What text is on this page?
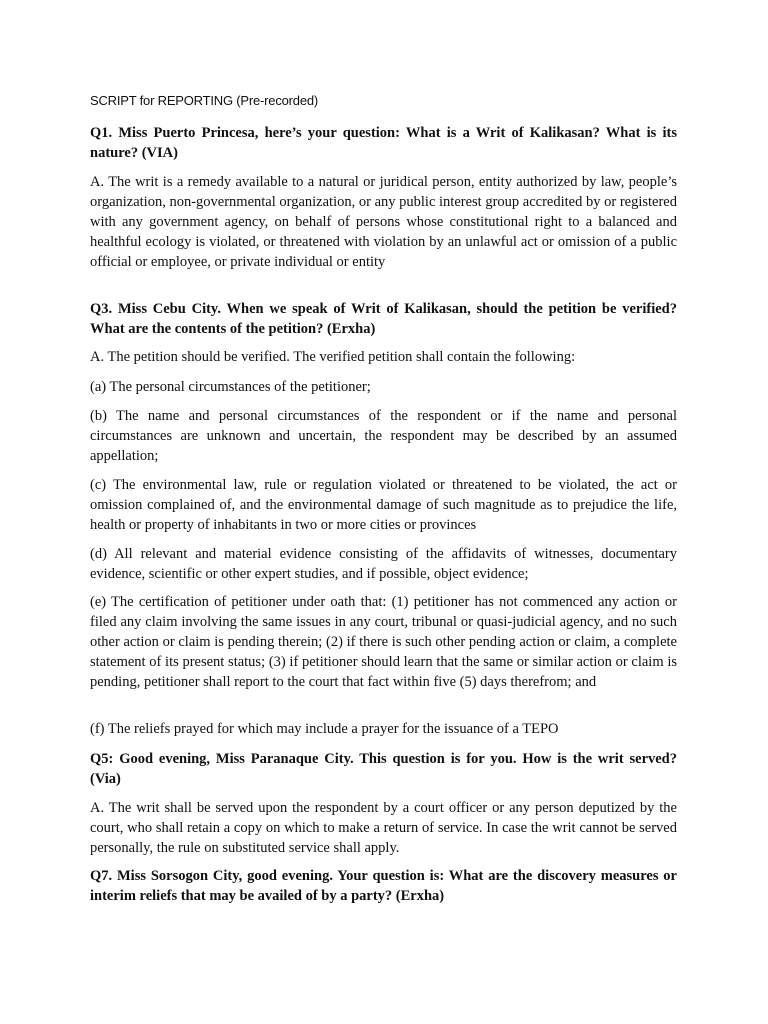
SCRIPT for REPORTING (Pre-recorded)
Q1. Miss Puerto Princesa, here’s your question: What is a Writ of Kalikasan? What is its nature? (VIA)
A. The writ is a remedy available to a natural or juridical person, entity authorized by law, people’s organization, non-governmental organization, or any public interest group accredited by or registered with any government agency, on behalf of persons whose constitutional right to a balanced and healthful ecology is violated, or threatened with violation by an unlawful act or omission of a public official or employee, or private individual or entity
Q3. Miss Cebu City. When we speak of Writ of Kalikasan, should the petition be verified? What are the contents of the petition? (Erxha)
A. The petition should be verified. The verified petition shall contain the following:
(a) The personal circumstances of the petitioner;
(b) The name and personal circumstances of the respondent or if the name and personal circumstances are unknown and uncertain, the respondent may be described by an assumed appellation;
(c) The environmental law, rule or regulation violated or threatened to be violated, the act or omission complained of, and the environmental damage of such magnitude as to prejudice the life, health or property of inhabitants in two or more cities or provinces
(d) All relevant and material evidence consisting of the affidavits of witnesses, documentary evidence, scientific or other expert studies, and if possible, object evidence;
(e) The certification of petitioner under oath that: (1) petitioner has not commenced any action or filed any claim involving the same issues in any court, tribunal or quasi-judicial agency, and no such other action or claim is pending therein; (2) if there is such other pending action or claim, a complete statement of its present status; (3) if petitioner should learn that the same or similar action or claim is pending, petitioner shall report to the court that fact within five (5) days therefrom; and
(f) The reliefs prayed for which may include a prayer for the issuance of a TEPO
Q5: Good evening, Miss Paranaque City. This question is for you. How is the writ served? (Via)
A. The writ shall be served upon the respondent by a court officer or any person deputized by the court, who shall retain a copy on which to make a return of service. In case the writ cannot be served personally, the rule on substituted service shall apply.
Q7. Miss Sorsogon City, good evening. Your question is: What are the discovery measures or interim reliefs that may be availed of by a party? (Erxha)
